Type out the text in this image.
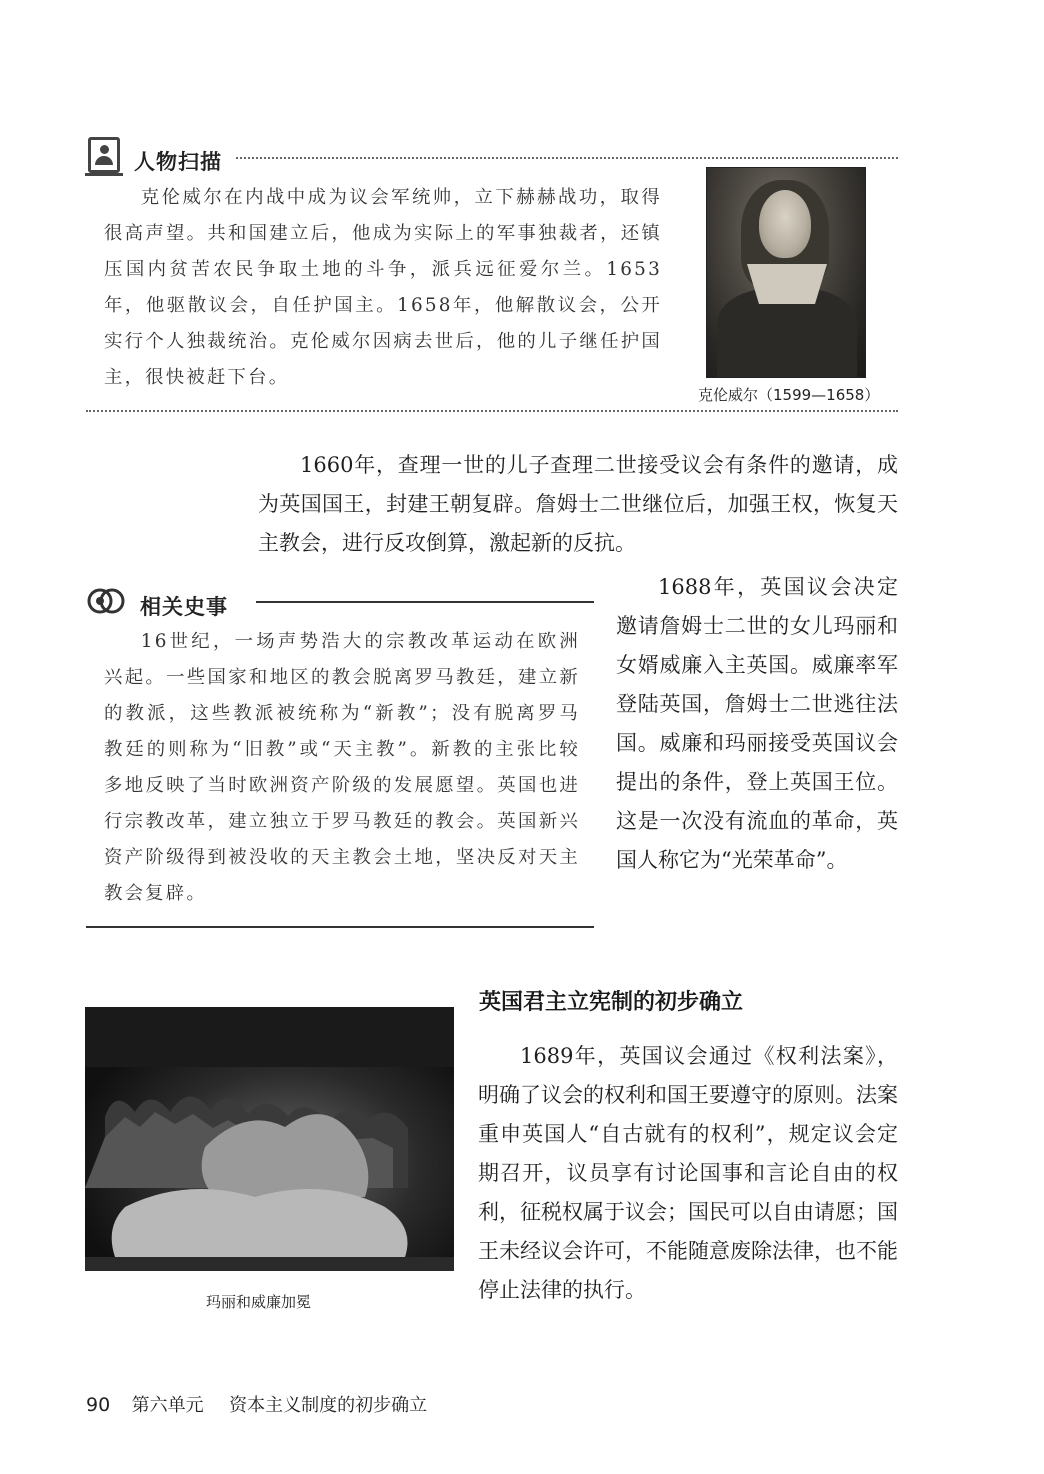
人物扫描

克伦威尔在内战中成为议会军统帅，立下赫赫战功，取得很高声望。共和国建立后，他成为实际上的军事独裁者，还镇压国内贫苦农民争取土地的斗争，派兵远征爱尔兰。1653年，他驱散议会，自任护国主。1658年，他解散议会，公开实行个人独裁统治。克伦威尔因病去世后，他的儿子继任护国主，很快被赶下台。

克伦威尔（1599—1658）

1660年，查理一世的儿子查理二世接受议会有条件的邀请，成为英国国王，封建王朝复辟。詹姆士二世继位后，加强王权，恢复天主教会，进行反攻倒算，激起新的反抗。

相关史事

16世纪，一场声势浩大的宗教改革运动在欧洲兴起。一些国家和地区的教会脱离罗马教廷，建立新的教派，这些教派被统称为“新教”；没有脱离罗马教廷的则称为“旧教”或“天主教”。新教的主张比较多地反映了当时欧洲资产阶级的发展愿望。英国也进行宗教改革，建立独立于罗马教廷的教会。英国新兴资产阶级得到被没收的天主教会土地，坚决反对天主教会复辟。

1688年，英国议会决定邀请詹姆士二世的女儿玛丽和女婿威廉入主英国。威廉率军登陆英国，詹姆士二世逃往法国。威廉和玛丽接受英国议会提出的条件，登上英国王位。这是一次没有流血的革命，英国人称它为“光荣革命”。

英国君主立宪制的初步确立
玛丽和威廉加冕

1689年，英国议会通过《权利法案》，明确了议会的权利和国王要遵守的原则。法案重申英国人“自古就有的权利”，规定议会定期召开，议员享有讨论国事和言论自由的权利，征税权属于议会；国民可以自由请愿；国王未经议会许可，不能随意废除法律，也不能停止法律的执行。

90 第六单元 资本主义制度的初步确立
